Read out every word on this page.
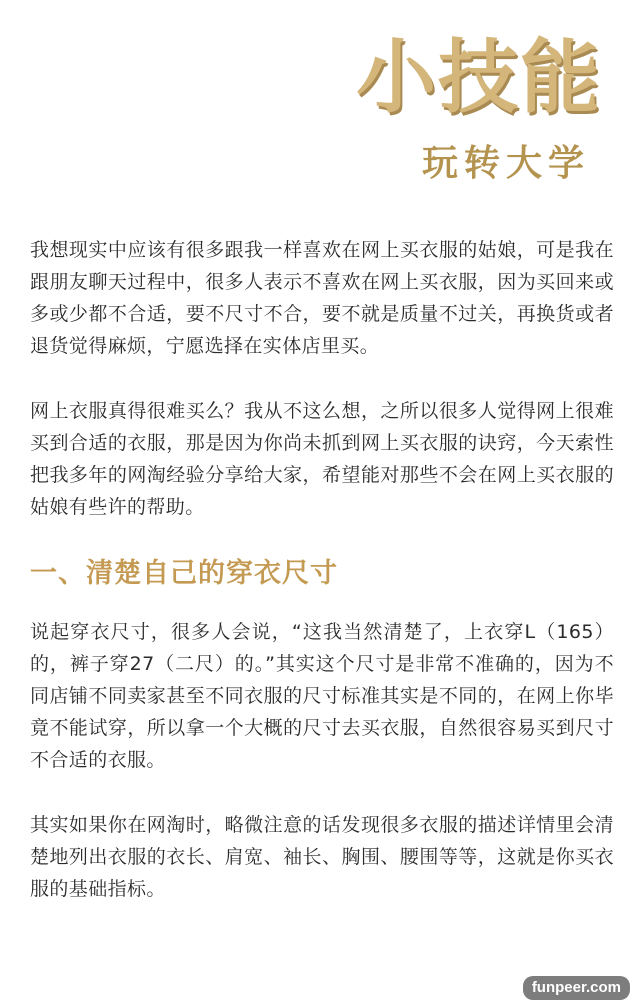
小技能
玩转大学

我想现实中应该有很多跟我一样喜欢在网上买衣服的姑娘，可是我在跟朋友聊天过程中，很多人表示不喜欢在网上买衣服，因为买回来或多或少都不合适，要不尺寸不合，要不就是质量不过关，再换货或者退货觉得麻烦，宁愿选择在实体店里买。

网上衣服真得很难买么？我从不这么想，之所以很多人觉得网上很难买到合适的衣服，那是因为你尚未抓到网上买衣服的诀窍，今天索性把我多年的网淘经验分享给大家，希望能对那些不会在网上买衣服的姑娘有些许的帮助。

一、清楚自己的穿衣尺寸

说起穿衣尺寸，很多人会说，“这我当然清楚了，上衣穿L（165）的，裤子穿27（二尺）的。”其实这个尺寸是非常不准确的，因为不同店铺不同卖家甚至不同衣服的尺寸标准其实是不同的，在网上你毕竟不能试穿，所以拿一个大概的尺寸去买衣服，自然很容易买到尺寸不合适的衣服。

其实如果你在网淘时，略微注意的话发现很多衣服的描述详情里会清楚地列出衣服的衣长、肩宽、袖长、胸围、腰围等等，这就是你买衣服的基础指标。

funpeer.com
